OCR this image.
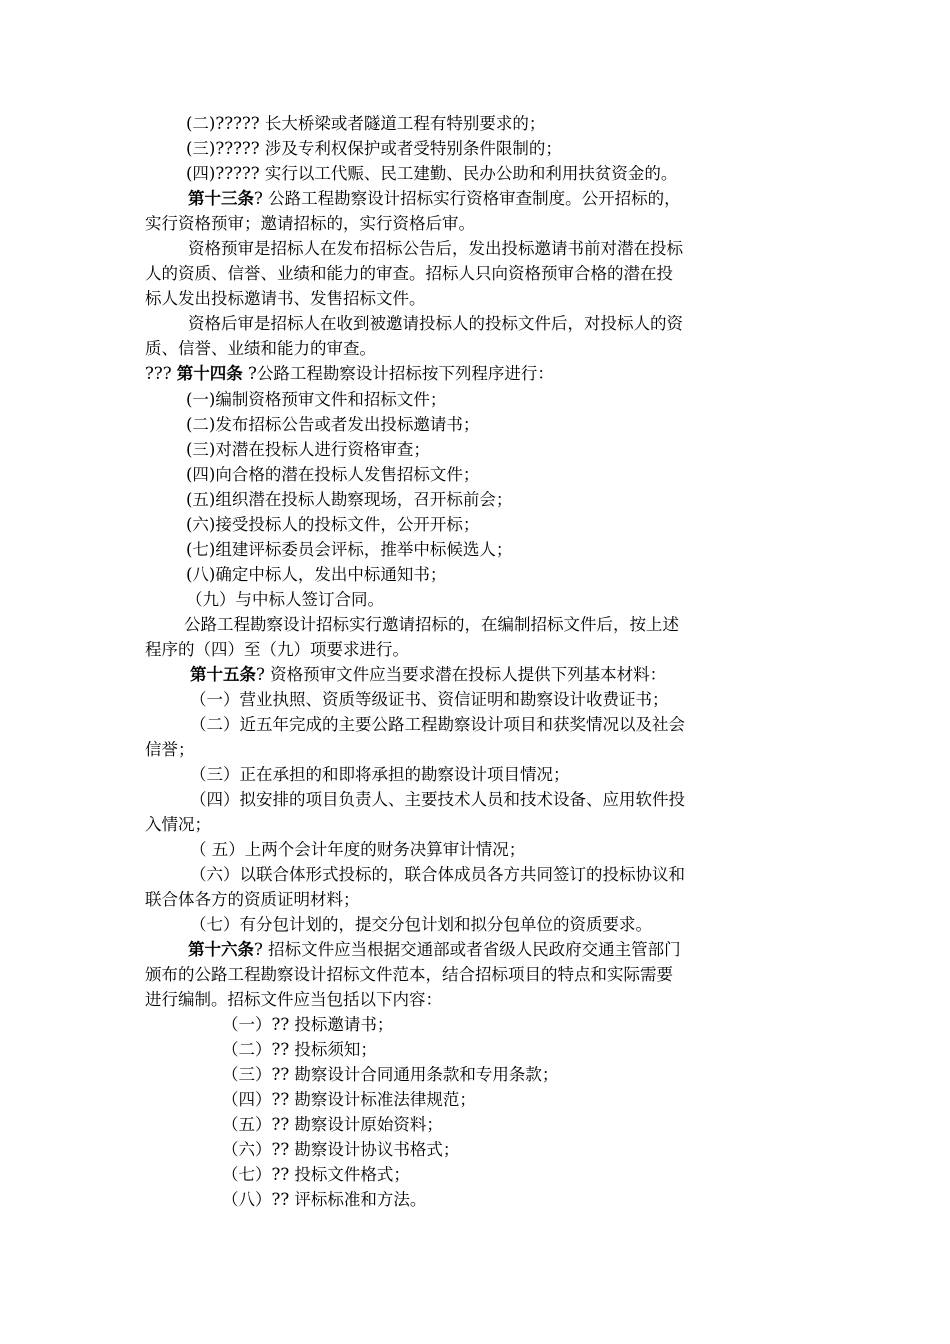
(二)????? 长大桥梁或者隧道工程有特别要求的；
(三)????? 涉及专利权保护或者受特别条件限制的；
(四)????? 实行以工代赈、民工建勤、民办公助和利用扶贫资金的。
第十三条? 公路工程勘察设计招标实行资格审查制度。公开招标的，
实行资格预审；邀请招标的，实行资格后审。
资格预审是招标人在发布招标公告后，发出投标邀请书前对潜在投标
人的资质、信誉、业绩和能力的审查。招标人只向资格预审合格的潜在投
标人发出投标邀请书、发售招标文件。
资格后审是招标人在收到被邀请投标人的投标文件后，对投标人的资
质、信誉、业绩和能力的审查。
??? 第十四条 ?公路工程勘察设计招标按下列程序进行：
(一)编制资格预审文件和招标文件；
(二)发布招标公告或者发出投标邀请书；
(三)对潜在投标人进行资格审查；
(四)向合格的潜在投标人发售招标文件；
(五)组织潜在投标人勘察现场，召开标前会；
(六)接受投标人的投标文件，公开开标；
(七)组建评标委员会评标，推举中标候选人；
(八)确定中标人，发出中标通知书；
（九）与中标人签订合同。
公路工程勘察设计招标实行邀请招标的，在编制招标文件后，按上述
程序的（四）至（九）项要求进行。
第十五条? 资格预审文件应当要求潜在投标人提供下列基本材料：
（一）营业执照、资质等级证书、资信证明和勘察设计收费证书；
（二）近五年完成的主要公路工程勘察设计项目和获奖情况以及社会
信誉；
（三）正在承担的和即将承担的勘察设计项目情况；
（四）拟安排的项目负责人、主要技术人员和技术设备、应用软件投
入情况；
（ 五）上两个会计年度的财务决算审计情况；
（六）以联合体形式投标的，联合体成员各方共同签订的投标协议和
联合体各方的资质证明材料；
（七）有分包计划的，提交分包计划和拟分包单位的资质要求。
第十六条? 招标文件应当根据交通部或者省级人民政府交通主管部门
颁布的公路工程勘察设计招标文件范本，结合招标项目的特点和实际需要
进行编制。招标文件应当包括以下内容：
（一）?? 投标邀请书；
（二）?? 投标须知；
（三）?? 勘察设计合同通用条款和专用条款；
（四）?? 勘察设计标准法律规范；
（五）?? 勘察设计原始资料；
（六）?? 勘察设计协议书格式；
（七）?? 投标文件格式；
（八）?? 评标标准和方法。
